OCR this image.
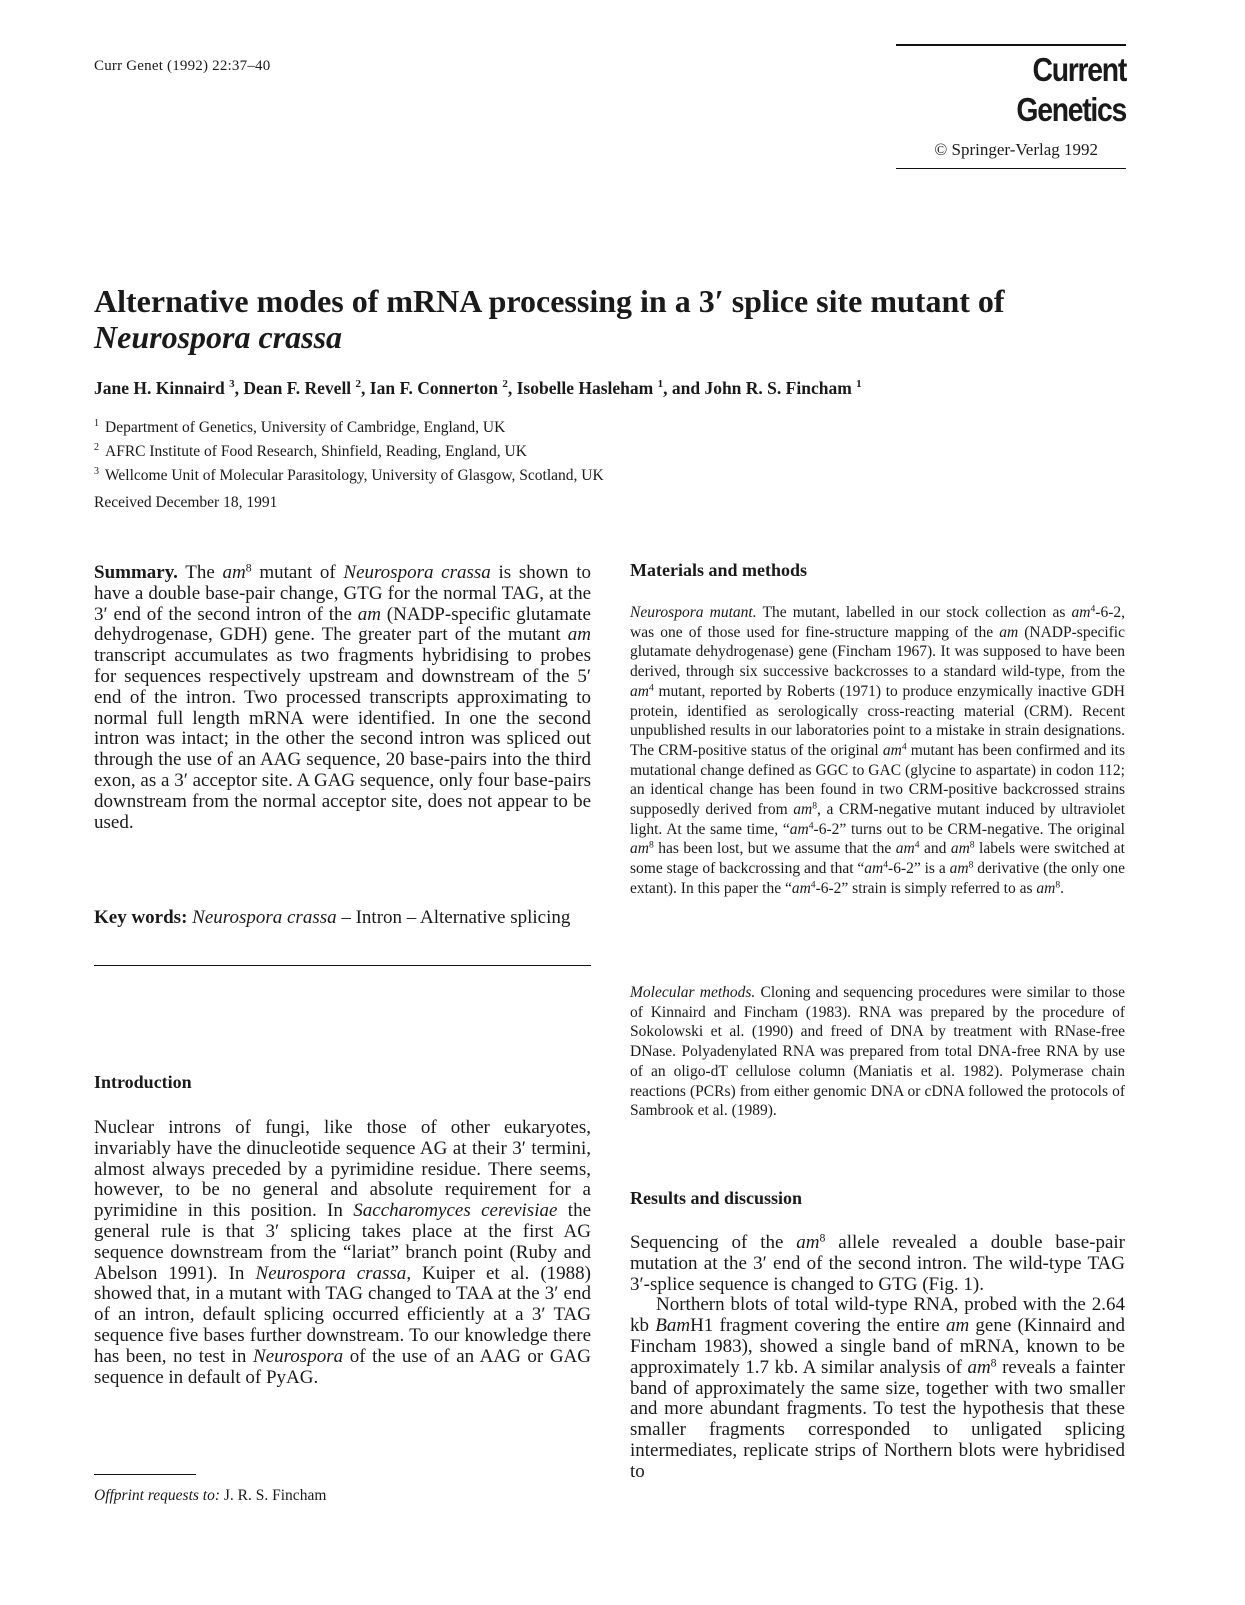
Curr Genet (1992) 22:37–40	Current Genetics
© Springer-Verlag 1992
Alternative modes of mRNA processing in a 3′ splice site mutant of
Neurospora crassa
Jane H. Kinnaird $^3$, Dean F. Revell $^2$, Ian F. Connerton $^2$, Isobelle Hasleham $^1$, and John R. S. Fincham $^1$
$^1$ Department of Genetics, University of Cambridge, England, UK
$^2$ AFRC Institute of Food Research, Shinfield, Reading, England, UK
$^3$ Wellcome Unit of Molecular Parasitology, University of Glasgow, Scotland, UK
Received December 18, 1991
Summary. The $am^8$ mutant of Neurospora crassa is shown to have a double base-pair change, GTG for the normal TAG, at the 3′ end of the second intron of the am (NADP-specific glutamate dehydrogenase, GDH) gene. The greater part of the mutant am transcript accumulates as two fragments hybridising to probes for sequences respectively upstream and downstream of the 5′ end of the intron. Two processed transcripts approximating to normal full length mRNA were identified. In one the second intron was intact; in the other the second intron was spliced out through the use of an AAG sequence, 20 base-pairs into the third exon, as a 3′ acceptor site. A GAG sequence, only four base-pairs downstream from the normal acceptor site, does not appear to be used.
Key words: Neurospora crassa – Intron – Alternative splicing
Introduction
Nuclear introns of fungi, like those of other eukaryotes, invariably have the dinucleotide sequence AG at their 3′ termini, almost always preceded by a pyrimidine residue. There seems, however, to be no general and absolute requirement for a pyrimidine in this position. In Saccharomyces cerevisiae the general rule is that 3′ splicing takes place at the first AG sequence downstream from the “lariat” branch point (Ruby and Abelson 1991). In Neurospora crassa, Kuiper et al. (1988) showed that, in a mutant with TAG changed to TAA at the 3′ end of an intron, default splicing occurred efficiently at a 3′ TAG sequence five bases further downstream. To our knowledge there has been, no test in Neurospora of the use of an AAG or GAG sequence in default of PyAG.
Offprint requests to: J. R. S. Fincham
Materials and methods
Neurospora mutant. The mutant, labelled in our stock collection as $am^4-6-2$, was one of those used for fine-structure mapping of the am (NADP-specific glutamate dehydrogenase) gene (Fincham 1967). It was supposed to have been derived, through six successive backcrosses to a standard wild-type, from the $am^4$ mutant, reported by Roberts (1971) to produce enzymically inactive GDH protein, identified as serologically cross-reacting material (CRM). Recent unpublished results in our laboratories point to a mistake in strain designations. The CRM-positive status of the original $am^4$ mutant has been confirmed and its mutational change defined as GGC to GAC (glycine to aspartate) in codon 112; an identical change has been found in two CRM-positive backcrossed strains supposedly derived from $am^8$, a CRM-negative mutant induced by ultraviolet light. At the same time, “$am^4-6-2$” turns out to be CRM-negative. The original $am^8$ has been lost, but we assume that the $am^4$ and $am^8$ labels were switched at some stage of backcrossing and that “$am^4-6-2$” is a $am^8$ derivative (the only one extant). In this paper the “$am^4-6-2$” strain is simply referred to as $am^8$.
Molecular methods. Cloning and sequencing procedures were similar to those of Kinnaird and Fincham (1983). RNA was prepared by the procedure of Sokolowski et al. (1990) and freed of DNA by treatment with RNase-free DNase. Polyadenylated RNA was prepared from total DNA-free RNA by use of an oligo-dT cellulose column (Maniatis et al. 1982). Polymerase chain reactions (PCRs) from either genomic DNA or cDNA followed the protocols of Sambrook et al. (1989).
Results and discussion
Sequencing of the $am^8$ allele revealed a double base-pair mutation at the 3′ end of the second intron. The wild-type TAG 3′-splice sequence is changed to GTG (Fig. 1).
Northern blots of total wild-type RNA, probed with the 2.64 kb BamH1 fragment covering the entire am gene (Kinnaird and Fincham 1983), showed a single band of mRNA, known to be approximately 1.7 kb. A similar analysis of $am^8$ reveals a fainter band of approximately the same size, together with two smaller and more abundant fragments. To test the hypothesis that these smaller fragments corresponded to unligated splicing intermediates, replicate strips of Northern blots were hybridised to
